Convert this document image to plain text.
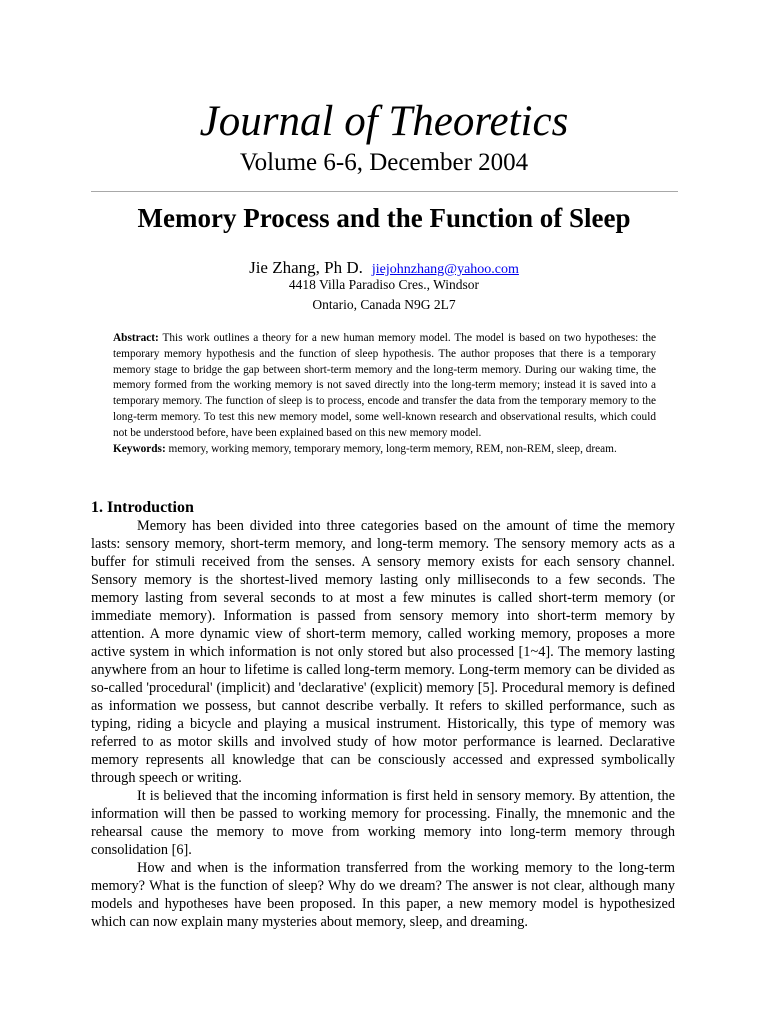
Journal of Theoretics
Volume 6-6, December 2004
Memory Process and the Function of Sleep
Jie Zhang, Ph D. jiejohnzhang@yahoo.com
4418 Villa Paradiso Cres., Windsor
Ontario, Canada N9G 2L7
Abstract: This work outlines a theory for a new human memory model. The model is based on two hypotheses: the temporary memory hypothesis and the function of sleep hypothesis. The author proposes that there is a temporary memory stage to bridge the gap between short-term memory and the long-term memory. During our waking time, the memory formed from the working memory is not saved directly into the long-term memory; instead it is saved into a temporary memory. The function of sleep is to process, encode and transfer the data from the temporary memory to the long-term memory. To test this new memory model, some well-known research and observational results, which could not be understood before, have been explained based on this new memory model.
Keywords: memory, working memory, temporary memory, long-term memory, REM, non-REM, sleep, dream.
1. Introduction

Memory has been divided into three categories based on the amount of time the memory lasts: sensory memory, short-term memory, and long-term memory. The sensory memory acts as a buffer for stimuli received from the senses. A sensory memory exists for each sensory channel. Sensory memory is the shortest-lived memory lasting only milliseconds to a few seconds. The memory lasting from several seconds to at most a few minutes is called short-term memory (or immediate memory). Information is passed from sensory memory into short-term memory by attention. A more dynamic view of short-term memory, called working memory, proposes a more active system in which information is not only stored but also processed [1~4]. The memory lasting anywhere from an hour to lifetime is called long-term memory. Long-term memory can be divided as so-called 'procedural' (implicit) and 'declarative' (explicit) memory [5]. Procedural memory is defined as information we possess, but cannot describe verbally. It refers to skilled performance, such as typing, riding a bicycle and playing a musical instrument. Historically, this type of memory was referred to as motor skills and involved study of how motor performance is learned. Declarative memory represents all knowledge that can be consciously accessed and expressed symbolically through speech or writing.

It is believed that the incoming information is first held in sensory memory. By attention, the information will then be passed to working memory for processing. Finally, the mnemonic and the rehearsal cause the memory to move from working memory into long-term memory through consolidation [6].

How and when is the information transferred from the working memory to the long-term memory? What is the function of sleep? Why do we dream? The answer is not clear, although many models and hypotheses have been proposed. In this paper, a new memory model is hypothesized which can now explain many mysteries about memory, sleep, and dreaming.
